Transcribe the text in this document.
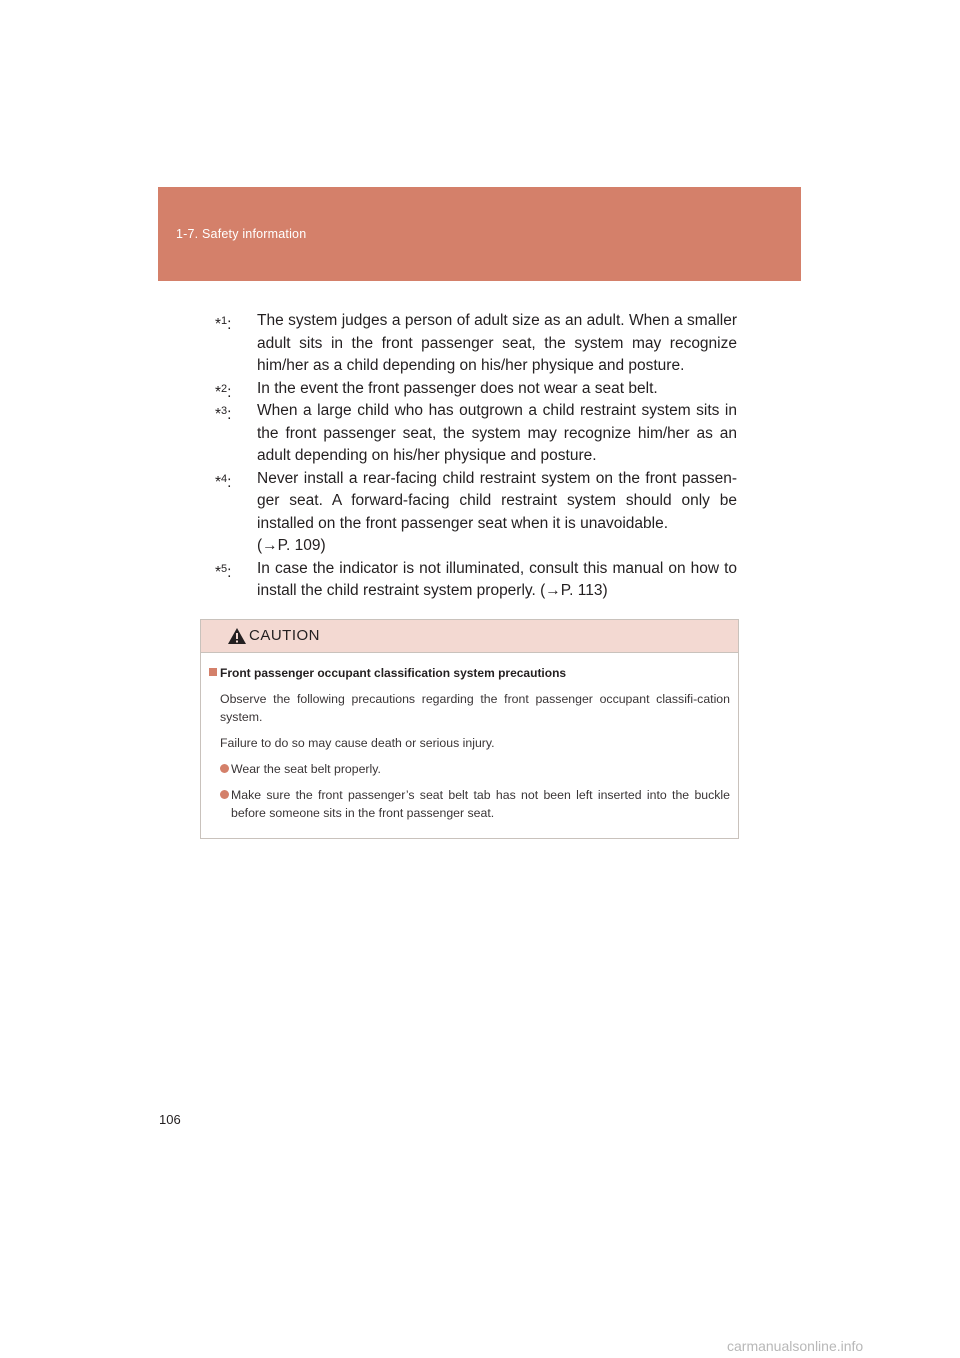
1-7. Safety information
*$^1$: The system judges a person of adult size as an adult. When a smaller adult sits in the front passenger seat, the system may recognize him/her as a child depending on his/her physique and posture.
*$^2$: In the event the front passenger does not wear a seat belt.
*$^3$: When a large child who has outgrown a child restraint system sits in the front passenger seat, the system may recognize him/her as an adult depending on his/her physique and posture.
*$^4$: Never install a rear-facing child restraint system on the front passen-ger seat. A forward-facing child restraint system should only be installed on the front passenger seat when it is unavoidable.
(→P. 109)
*$^5$: In case the indicator is not illuminated, consult this manual on how to install the child restraint system properly. (→P. 113)
CAUTION
Front passenger occupant classification system precautions
Observe the following precautions regarding the front passenger occupant classifi-cation system.
Failure to do so may cause death or serious injury.
Wear the seat belt properly.
Make sure the front passenger’s seat belt tab has not been left inserted into the buckle before someone sits in the front passenger seat.
106
carmanualsonline.info
